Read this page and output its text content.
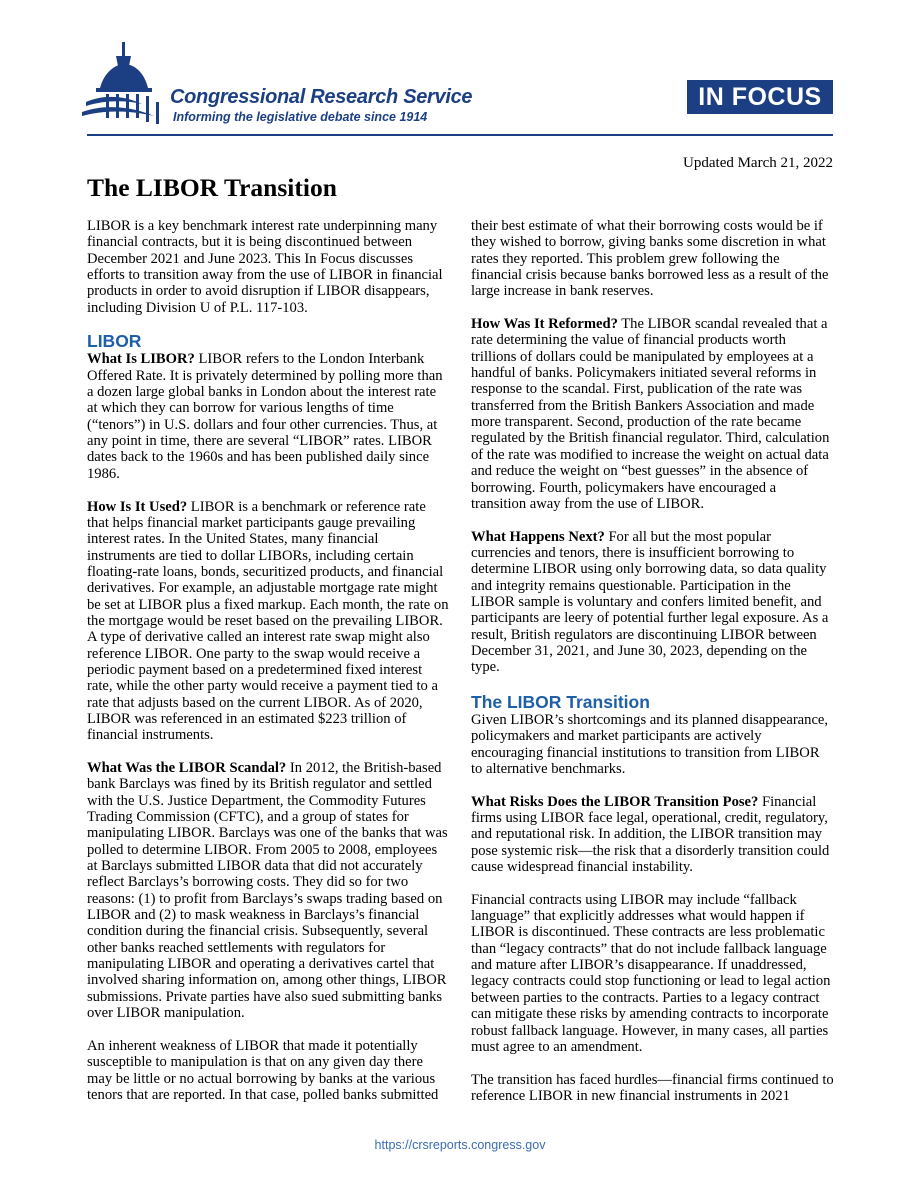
Congressional Research Service
Informing the legislative debate since 1914
IN FOCUS
Updated March 21, 2022
The LIBOR Transition

LIBOR is a key benchmark interest rate underpinning many financial contracts, but it is being discontinued between December 2021 and June 2023. This In Focus discusses efforts to transition away from the use of LIBOR in financial products in order to avoid disruption if LIBOR disappears, including Division U of P.L. 117-103.

LIBOR

What Is LIBOR? LIBOR refers to the London Interbank Offered Rate. It is privately determined by polling more than a dozen large global banks in London about the interest rate at which they can borrow for various lengths of time (“tenors”) in U.S. dollars and four other currencies. Thus, at any point in time, there are several “LIBOR” rates. LIBOR dates back to the 1960s and has been published daily since 1986.

How Is It Used? LIBOR is a benchmark or reference rate that helps financial market participants gauge prevailing interest rates. In the United States, many financial instruments are tied to dollar LIBORs, including certain floating-rate loans, bonds, securitized products, and financial derivatives. For example, an adjustable mortgage rate might be set at LIBOR plus a fixed markup. Each month, the rate on the mortgage would be reset based on the prevailing LIBOR. A type of derivative called an interest rate swap might also reference LIBOR. One party to the swap would receive a periodic payment based on a predetermined fixed interest rate, while the other party would receive a payment tied to a rate that adjusts based on the current LIBOR. As of 2020, LIBOR was referenced in an estimated $223 trillion of financial instruments.

What Was the LIBOR Scandal? In 2012, the British-based bank Barclays was fined by its British regulator and settled with the U.S. Justice Department, the Commodity Futures Trading Commission (CFTC), and a group of states for manipulating LIBOR. Barclays was one of the banks that was polled to determine LIBOR. From 2005 to 2008, employees at Barclays submitted LIBOR data that did not accurately reflect Barclays’s borrowing costs. They did so for two reasons: (1) to profit from Barclays’s swaps trading based on LIBOR and (2) to mask weakness in Barclays’s financial condition during the financial crisis. Subsequently, several other banks reached settlements with regulators for manipulating LIBOR and operating a derivatives cartel that involved sharing information on, among other things, LIBOR submissions. Private parties have also sued submitting banks over LIBOR manipulation.

An inherent weakness of LIBOR that made it potentially susceptible to manipulation is that on any given day there may be little or no actual borrowing by banks at the various tenors that are reported. In that case, polled banks submitted

their best estimate of what their borrowing costs would be if they wished to borrow, giving banks some discretion in what rates they reported. This problem grew following the financial crisis because banks borrowed less as a result of the large increase in bank reserves.

How Was It Reformed? The LIBOR scandal revealed that a rate determining the value of financial products worth trillions of dollars could be manipulated by employees at a handful of banks. Policymakers initiated several reforms in response to the scandal. First, publication of the rate was transferred from the British Bankers Association and made more transparent. Second, production of the rate became regulated by the British financial regulator. Third, calculation of the rate was modified to increase the weight on actual data and reduce the weight on “best guesses” in the absence of borrowing. Fourth, policymakers have encouraged a transition away from the use of LIBOR.

What Happens Next? For all but the most popular currencies and tenors, there is insufficient borrowing to determine LIBOR using only borrowing data, so data quality and integrity remains questionable. Participation in the LIBOR sample is voluntary and confers limited benefit, and participants are leery of potential further legal exposure. As a result, British regulators are discontinuing LIBOR between December 31, 2021, and June 30, 2023, depending on the type.

The LIBOR Transition

Given LIBOR’s shortcomings and its planned disappearance, policymakers and market participants are actively encouraging financial institutions to transition from LIBOR to alternative benchmarks.

What Risks Does the LIBOR Transition Pose? Financial firms using LIBOR face legal, operational, credit, regulatory, and reputational risk. In addition, the LIBOR transition may pose systemic risk—the risk that a disorderly transition could cause widespread financial instability.

Financial contracts using LIBOR may include “fallback language” that explicitly addresses what would happen if LIBOR is discontinued. These contracts are less problematic than “legacy contracts” that do not include fallback language and mature after LIBOR’s disappearance. If unaddressed, legacy contracts could stop functioning or lead to legal action between parties to the contracts. Parties to a legacy contract can mitigate these risks by amending contracts to incorporate robust fallback language. However, in many cases, all parties must agree to an amendment.

The transition has faced hurdles—financial firms continued to reference LIBOR in new financial instruments in 2021

https://crsreports.congress.gov
